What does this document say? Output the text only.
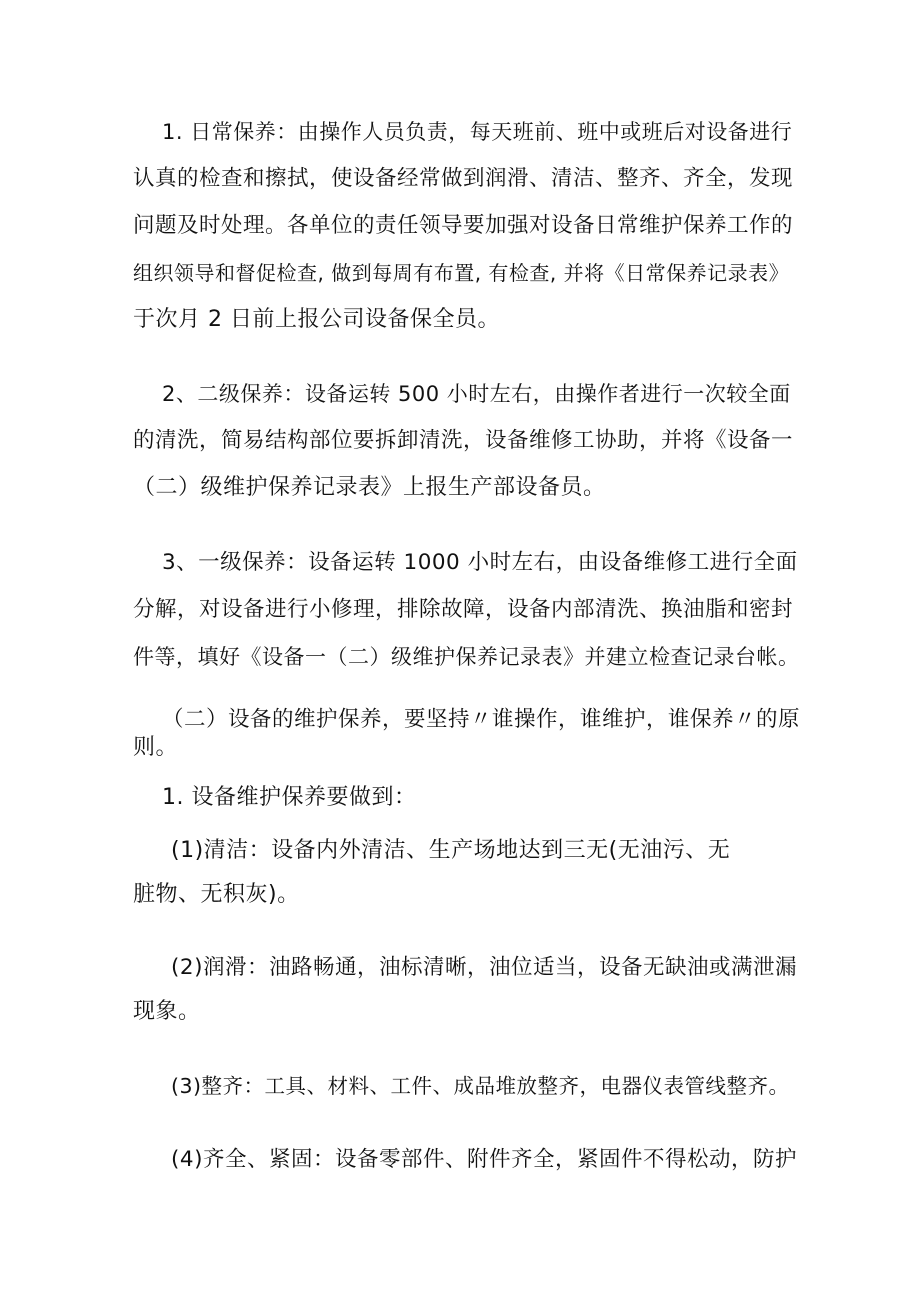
1. 日常保养：由操作人员负责，每天班前、班中或班后对设备进行
认真的检查和擦拭，使设备经常做到润滑、清洁、整齐、齐全，发现
问题及时处理。各单位的责任领导要加强对设备日常维护保养工作的
组织领导和督促检查, 做到每周有布置, 有检查, 并将《日常保养记录表》
于次月 2 日前上报公司设备保全员。
2、二级保养：设备运转 500 小时左右，由操作者进行一次较全面
的清洗，简易结构部位要拆卸清洗，设备维修工协助，并将《设备一
（二）级维护保养记录表》上报生产部设备员。
3、一级保养：设备运转 1000 小时左右，由设备维修工进行全面
分解，对设备进行小修理，排除故障，设备内部清洗、换油脂和密封
件等，填好《设备一（二）级维护保养记录表》并建立检查记录台帐。
（二）设备的维护保养，要坚持〃谁操作，谁维护，谁保养〃的原
则。
1. 设备维护保养要做到：
(1)清洁：设备内外清洁、生产场地达到三无(无油污、无
脏物、无积灰)。
(2)润滑：油路畅通，油标清晰，油位适当，设备无缺油或满泄漏
现象。
(3)整齐：工具、材料、工件、成品堆放整齐，电器仪表管线整齐。
(4)齐全、紧固：设备零部件、附件齐全，紧固件不得松动，防护
